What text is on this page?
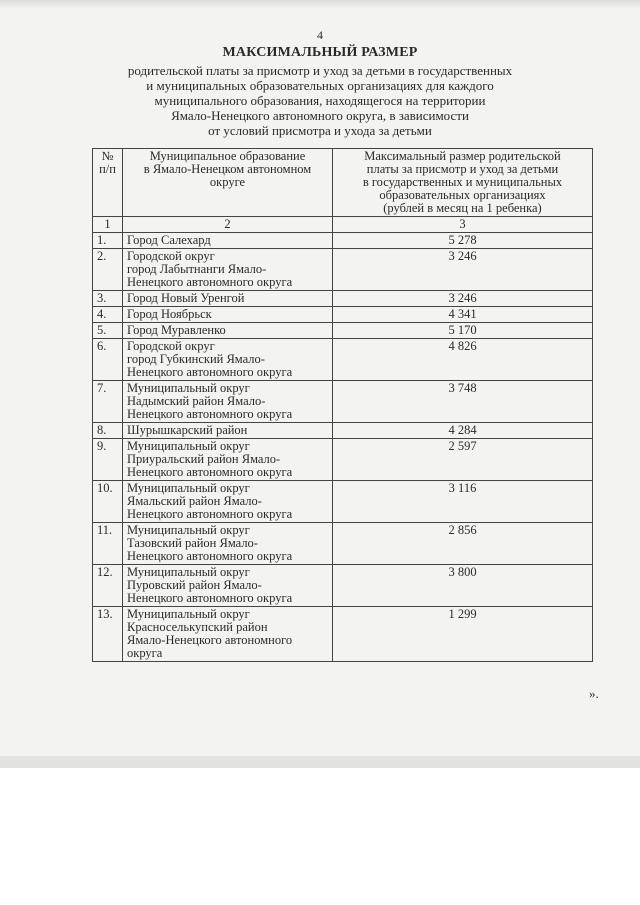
4
МАКСИМАЛЬНЫЙ РАЗМЕР
родительской платы за присмотр и уход за детьми в государственных
и муниципальных образовательных организациях для каждого
муниципального образования, находящегося на территории
Ямало-Ненецкого автономного округа, в зависимости
от условий присмотра и ухода за детьми
№
п/п	Муниципальное образование
в Ямало-Ненецком автономном
округе	Максимальный размер родительской
платы за присмотр и уход за детьми
в государственных и муниципальных
образовательных организациях
(рублей в месяц на 1 ребенка)

1	2	3
1.	Город Салехард	5 278
2.	Городской округ
город Лабытнанги Ямало-
Ненецкого автономного округа	3 246
3.	Город Новый Уренгой	3 246
4.	Город Ноябрьск	4 341
5.	Город Муравленко	5 170
6.	Городской округ
город Губкинский Ямало-
Ненецкого автономного округа	4 826
7.	Муниципальный округ
Надымский район Ямало-
Ненецкого автономного округа	3 748
8.	Шурышкарский район	4 284
9.	Муниципальный округ
Приуральский район Ямало-
Ненецкого автономного округа	2 597
10.	Муниципальный округ
Ямальский район Ямало-
Ненецкого автономного округа	3 116
11.	Муниципальный округ
Тазовский район Ямало-
Ненецкого автономного округа	2 856
12.	Муниципальный округ
Пуровский район Ямало-
Ненецкого автономного округа	3 800
13.	Муниципальный округ
Красноселькупский район
Ямало-Ненецкого автономного
округа	1 299
».
